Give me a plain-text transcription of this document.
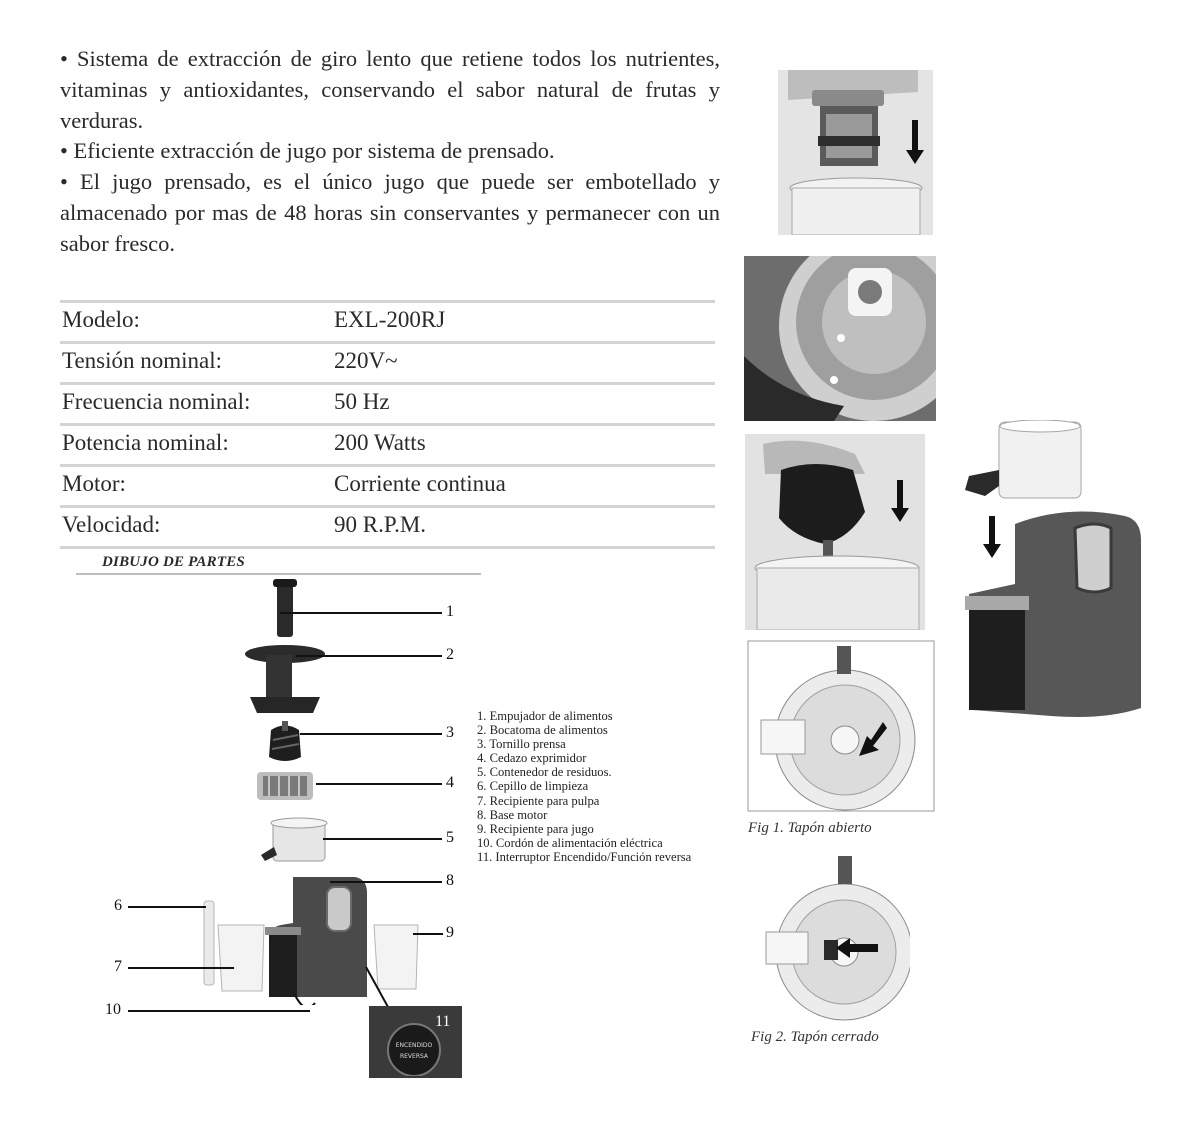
• Sistema de extracción de giro lento que retiene todos los nutrientes, vitaminas y antioxidantes, conservando el sabor natural de frutas y verduras.

• Eficiente extracción de jugo por sistema de prensado.

• El jugo prensado, es el único jugo que puede ser embotellado y almacenado por mas de 48 horas sin conservantes y permanecer con un sabor fresco.

Modelo:	EXL-200RJ
Tensión nominal:	220V~
Frecuencia nominal:	50 Hz
Potencia nominal:	200 Watts
Motor:	Corriente continua
Velocidad:	90 R.P.M.
DIBUJO DE PARTES
1
2
3
4
5
8
9
6
7
10
11
ENCENDIDO
REVERSA
1. Empujador de alimentos
2. Bocatoma de alimentos
3. Tornillo prensa
4. Cedazo exprimidor
5. Contenedor de residuos.
6. Cepillo de limpieza
7. Recipiente para pulpa
8. Base motor
9. Recipiente para jugo
10. Cordón de alimentación eléctrica
11. Interruptor Encendido/Función reversa
Fig 1. Tapón abierto
Fig 2. Tapón cerrado
